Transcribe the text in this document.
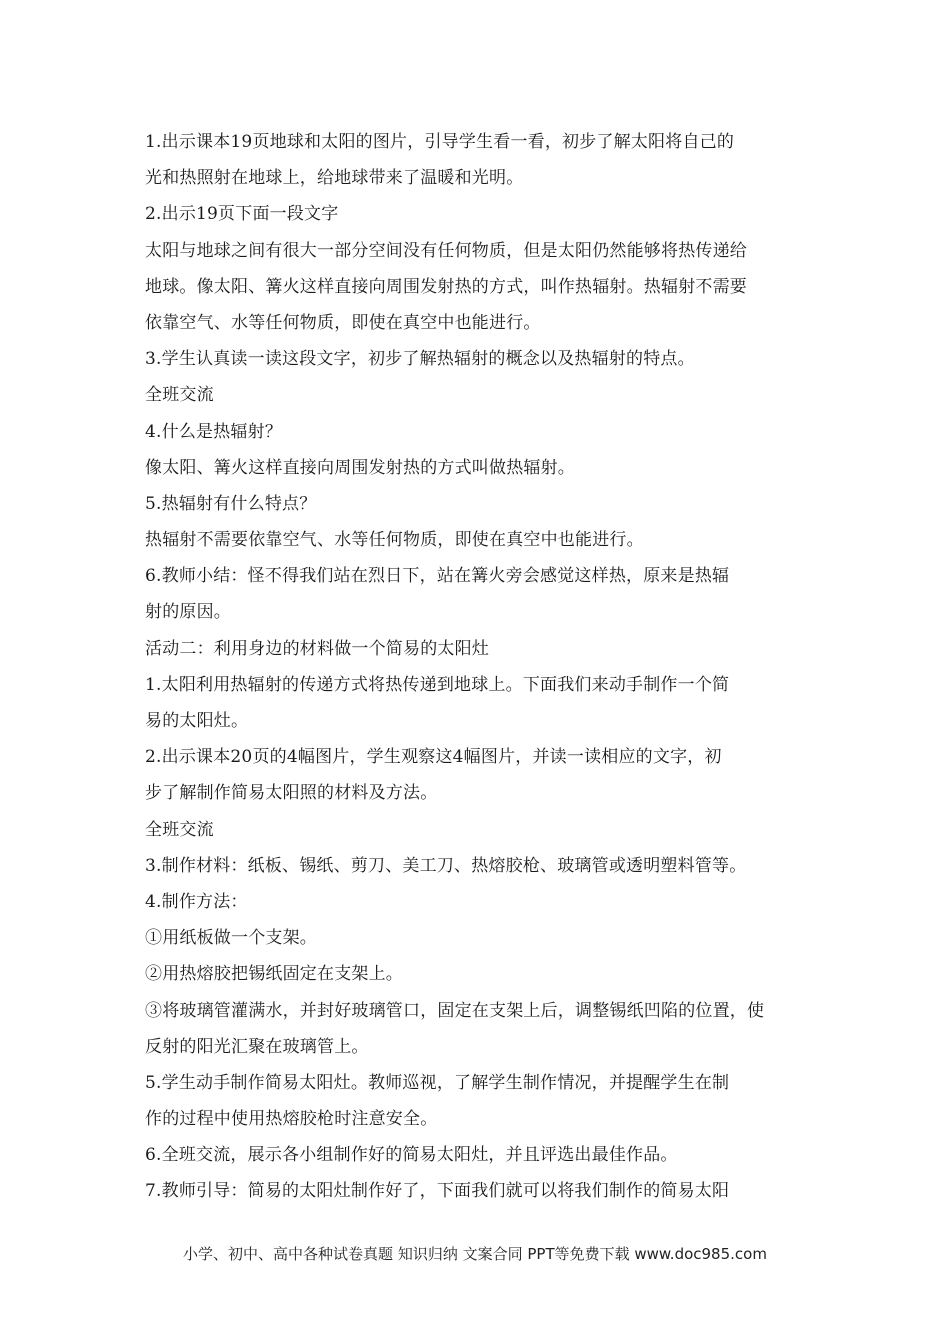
1.出示课本19页地球和太阳的图片，引导学生看一看，初步了解太阳将自己的
光和热照射在地球上，给地球带来了温暖和光明。
2.出示19页下面一段文字
太阳与地球之间有很大一部分空间没有任何物质，但是太阳仍然能够将热传递给
地球。像太阳、篝火这样直接向周围发射热的方式，叫作热辐射。热辐射不需要
依靠空气、水等任何物质，即使在真空中也能进行。
3.学生认真读一读这段文字，初步了解热辐射的概念以及热辐射的特点。
全班交流
4.什么是热辐射？
像太阳、篝火这样直接向周围发射热的方式叫做热辐射。
5.热辐射有什么特点？
热辐射不需要依靠空气、水等任何物质，即使在真空中也能进行。
6.教师小结：怪不得我们站在烈日下，站在篝火旁会感觉这样热，原来是热辐
射的原因。
活动二：利用身边的材料做一个简易的太阳灶
1.太阳利用热辐射的传递方式将热传递到地球上。下面我们来动手制作一个简
易的太阳灶。
2.出示课本20页的4幅图片，学生观察这4幅图片，并读一读相应的文字，初
步了解制作简易太阳照的材料及方法。
全班交流
3.制作材料：纸板、锡纸、剪刀、美工刀、热熔胶枪、玻璃管或透明塑料管等。
4.制作方法：
①用纸板做一个支架。
②用热熔胶把锡纸固定在支架上。
③将玻璃管灌满水，并封好玻璃管口，固定在支架上后，调整锡纸凹陷的位置，使
反射的阳光汇聚在玻璃管上。
5.学生动手制作简易太阳灶。教师巡视，了解学生制作情况，并提醒学生在制
作的过程中使用热熔胶枪时注意安全。
6.全班交流，展示各小组制作好的简易太阳灶，并且评选出最佳作品。
7.教师引导：简易的太阳灶制作好了，下面我们就可以将我们制作的简易太阳
小学、初中、高中各种试卷真题 知识归纳 文案合同 PPT等免费下载 www.doc985.com
